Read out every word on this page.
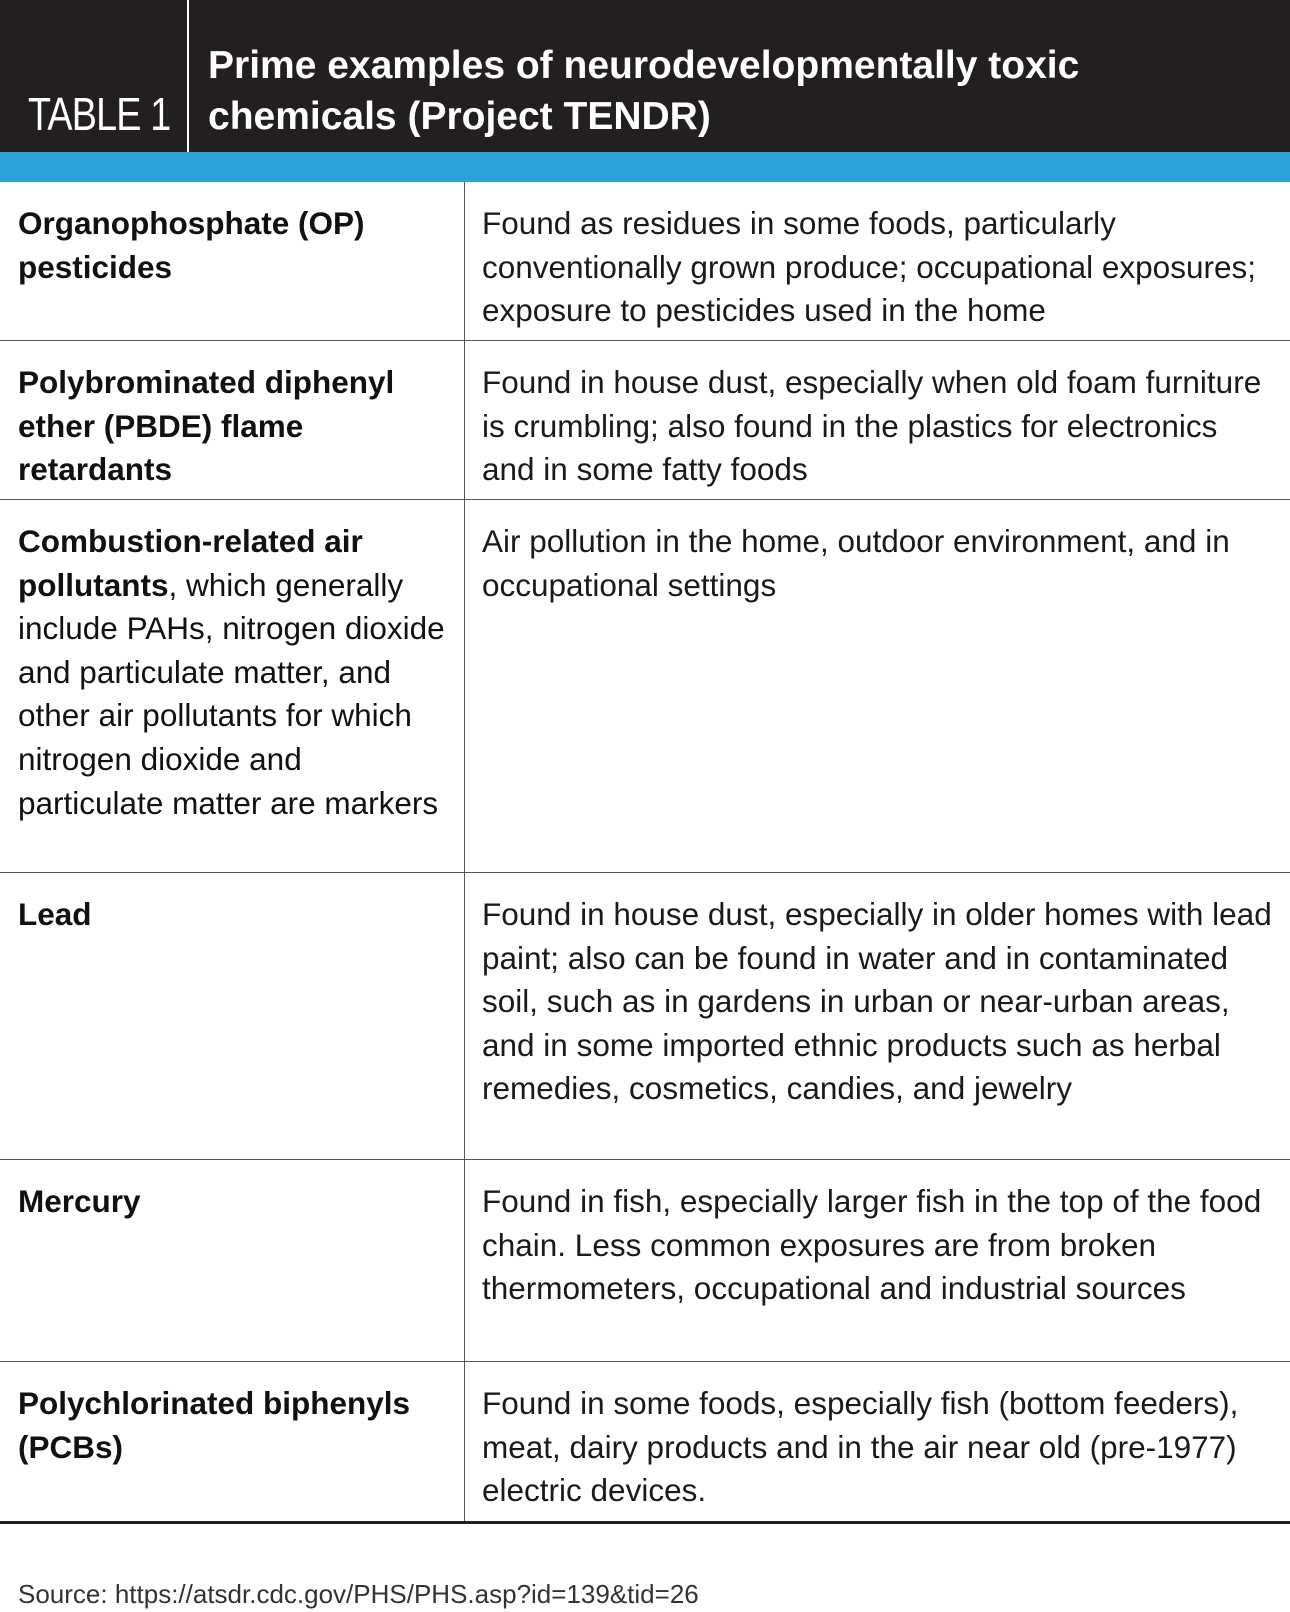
TABLE 1
Prime examples of neurodevelopmentally toxic
chemicals (Project TENDR)
Organophosphate (OP) pesticides
Found as residues in some foods, particularly conventionally grown produce; occupational exposures; exposure to pesticides used in the home
Polybrominated diphenyl ether (PBDE) flame retardants
Found in house dust, especially when old foam furniture is crumbling; also found in the plastics for electronics and in some fatty foods
Combustion-related air pollutants, which generally include PAHs, nitrogen dioxide and particulate matter, and other air pollutants for which nitrogen dioxide and particulate matter are markers
Air pollution in the home, outdoor environment, and in occupational settings
Lead	Found in house dust, especially in older homes with lead paint; also can be found in water and in contaminated soil, such as in gardens in urban or near-urban areas, and in some imported ethnic products such as herbal remedies, cosmetics, candies, and jewelry
Mercury	Found in fish, especially larger fish in the top of the food chain. Less common exposures are from broken thermometers, occupational and industrial sources
Polychlorinated biphenyls (PCBs)
Found in some foods, especially fish (bottom feeders), meat, dairy products and in the air near old (pre-1977) electric devices.
Source: https://atsdr.cdc.gov/PHS/PHS.asp?id=139&tid=26
